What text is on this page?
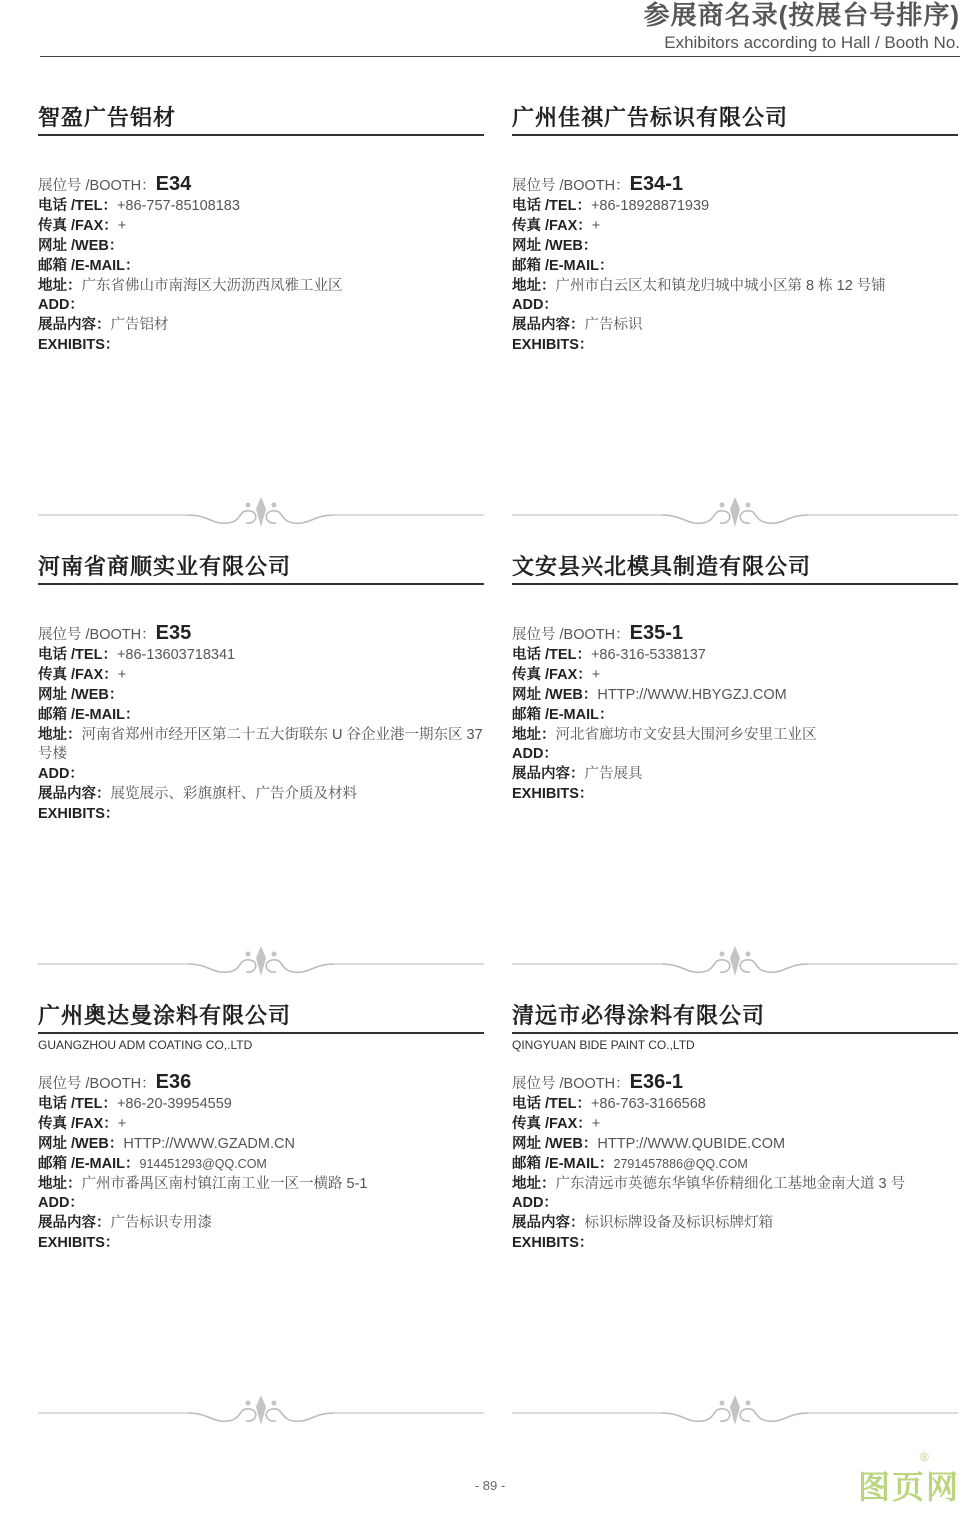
参展商名录(按展台号排序)
Exhibitors according to Hall / Booth No.
智盈广告铝材
展位号 /BOOTH：E34
电话 /TEL：+86-757-85108183
传真 /FAX：+
网址 /WEB：
邮箱 /E-MAIL：
地址：广东省佛山市南海区大沥沥西凤雅工业区
ADD：
展品内容：广告铝材
EXHIBITS：
广州佳祺广告标识有限公司
展位号 /BOOTH：E34-1
电话 /TEL：+86-18928871939
传真 /FAX：+
网址 /WEB：
邮箱 /E-MAIL：
地址：广州市白云区太和镇龙归城中城小区第 8 栋 12 号铺
ADD：
展品内容：广告标识
EXHIBITS：
河南省商顺实业有限公司
展位号 /BOOTH：E35
电话 /TEL：+86-13603718341
传真 /FAX：+
网址 /WEB：
邮箱 /E-MAIL：
地址：河南省郑州市经开区第二十五大街联东 U 谷企业港一期东区 37 号楼
ADD：
展品内容：展览展示、彩旗旗杆、广告介质及材料
EXHIBITS：
文安县兴北模具制造有限公司
展位号 /BOOTH：E35-1
电话 /TEL：+86-316-5338137
传真 /FAX：+
网址 /WEB：HTTP://WWW.HBYGZJ.COM
邮箱 /E-MAIL：
地址：河北省廊坊市文安县大围河乡安里工业区
ADD：
展品内容：广告展具
EXHIBITS：
广州奥达曼涂料有限公司
GUANGZHOU ADM COATING CO,.LTD
展位号 /BOOTH：E36
电话 /TEL：+86-20-39954559
传真 /FAX：+
网址 /WEB：HTTP://WWW.GZADM.CN
邮箱 /E-MAIL：914451293@QQ.COM
地址：广州市番禺区南村镇江南工业一区一横路 5-1
ADD：
展品内容：广告标识专用漆
EXHIBITS：
清远市必得涂料有限公司
QINGYUAN BIDE PAINT CO.,LTD
展位号 /BOOTH：E36-1
电话 /TEL：+86-763-3166568
传真 /FAX：+
网址 /WEB：HTTP://WWW.QUBIDE.COM
邮箱 /E-MAIL：2791457886@QQ.COM
地址：广东清远市英德东华镇华侨精细化工基地金南大道 3 号
ADD：
展品内容：标识标牌设备及标识标牌灯箱
EXHIBITS：
- 89 -	图页网
®
